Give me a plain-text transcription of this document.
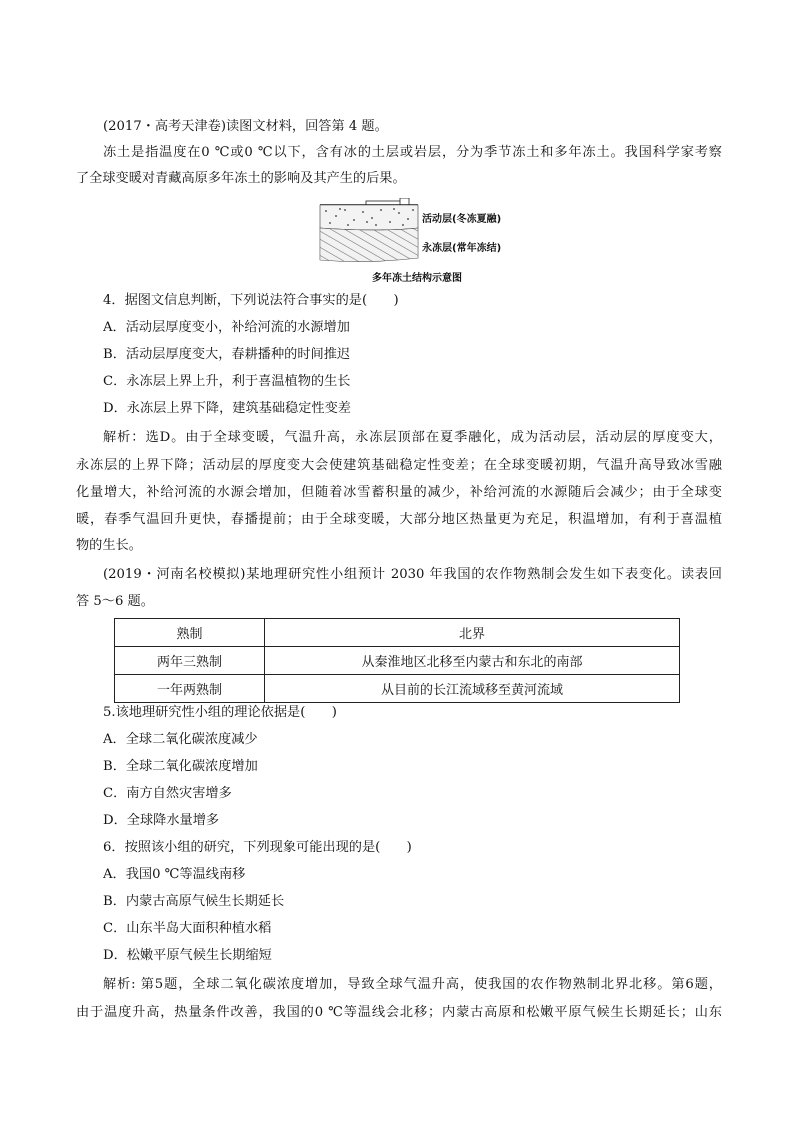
(2017・高考天津卷)读图文材料，回答第 4 题。
冻土是指温度在0 ℃或0 ℃以下，含有冰的土层或岩层，分为季节冻土和多年冻土。我国科学家考察
了全球变暖对青藏高原多年冻土的影响及其产生的后果。
活动层(冬冻夏融)
永冻层(常年冻结)
多年冻土结构示意图
4．据图文信息判断，下列说法符合事实的是(　　)
A．活动层厚度变小，补给河流的水源增加
B．活动层厚度变大，春耕播种的时间推迟
C．永冻层上界上升，利于喜温植物的生长
D．永冻层上界下降，建筑基础稳定性变差
解析：选D。由于全球变暖，气温升高，永冻层顶部在夏季融化，成为活动层，活动层的厚度变大，
永冻层的上界下降；活动层的厚度变大会使建筑基础稳定性变差；在全球变暖初期，气温升高导致冰雪融
化量增大，补给河流的水源会增加，但随着冰雪蓄积量的减少，补给河流的水源随后会减少；由于全球变
暖，春季气温回升更快，春播提前；由于全球变暖，大部分地区热量更为充足，积温增加，有利于喜温植
物的生长。
(2019・河南名校模拟)某地理研究性小组预计 2030 年我国的农作物熟制会发生如下表变化。读表回
答 5～6 题。
熟制	北界
两年三熟制	从秦淮地区北移至内蒙古和东北的南部
一年两熟制	从目前的长江流域移至黄河流域
5.该地理研究性小组的理论依据是(　　)
A．全球二氧化碳浓度减少
B．全球二氧化碳浓度增加
C．南方自然灾害增多
D．全球降水量增多
6．按照该小组的研究，下列现象可能出现的是(　　)
A．我国0 ℃等温线南移
B．内蒙古高原气候生长期延长
C．山东半岛大面积种植水稻
D．松嫩平原气候生长期缩短
解析: 第5题，全球二氧化碳浓度增加，导致全球气温升高，使我国的农作物熟制北界北移。第6题，
由于温度升高，热量条件改善，我国的0 ℃等温线会北移；内蒙古高原和松嫩平原气候生长期延长；山东
